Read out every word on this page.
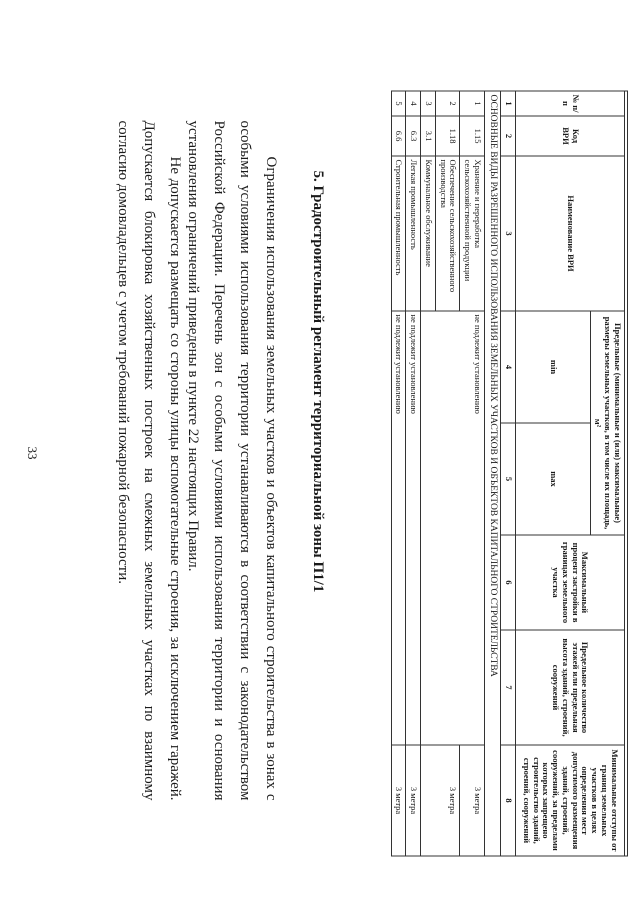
33	Не допускается размещать со стороны улицы вспомогательные строения, за исключением гаражей. Допускается блокировка хозяйственных построек на смежных земельных участках по взаимному согласию домовладельцев с учетом требований пожарной безопасности.	Ограничения использования земельных участков и объектов капитального строительства в зонах с особыми условиями использования территории устанавливаются в соответствии с законодательством Российской Федерации. Перечень зон с особыми условиями использования территории и основания установления ограничений приведены в пункте 22 настоящих Правил.	5. Градостроительный регламент территориальной зоны П1/1

№ п/п	Код ВРИ	Наименование ВРИ	Предельные (минимальные и (или) максимальные) размеры земельных участков, в том числе их площадь, м²		Максимальный процент застройки в границах земельного участка	Предельное количество этажей или предельная высота зданий, строений, сооружений	Минимальные отступы от границ земельных участков в целях определения мест допустимого размещения зданий, строений, сооружений, за пределами которых запрещено строительство зданий, строений, сооружений
			min	max			
1	2	3	4	5	6	7	8
ОСНОВНЫЕ ВИДЫ РАЗРЕШЕННОГО ИСПОЛЬЗОВАНИЯ ЗЕМЕЛЬНЫХ УЧАСТКОВ И ОБЪЕКТОВ КАПИТАЛЬНОГО СТРОИТЕЛЬСТВА							
1	1.15	Хранение и переработка сельскохозяйственной продукции	не подлежит установлению				3 метра
2	1.18	Обеспечение сельскохозяйственного производства					3 метра
3	3.1	Коммунальное обслуживание					
4	6.3	Легкая промышленность	не подлежит установлению				3 метра
5	6.6	Строительная промышленность	не подлежит установлению				3 метра
